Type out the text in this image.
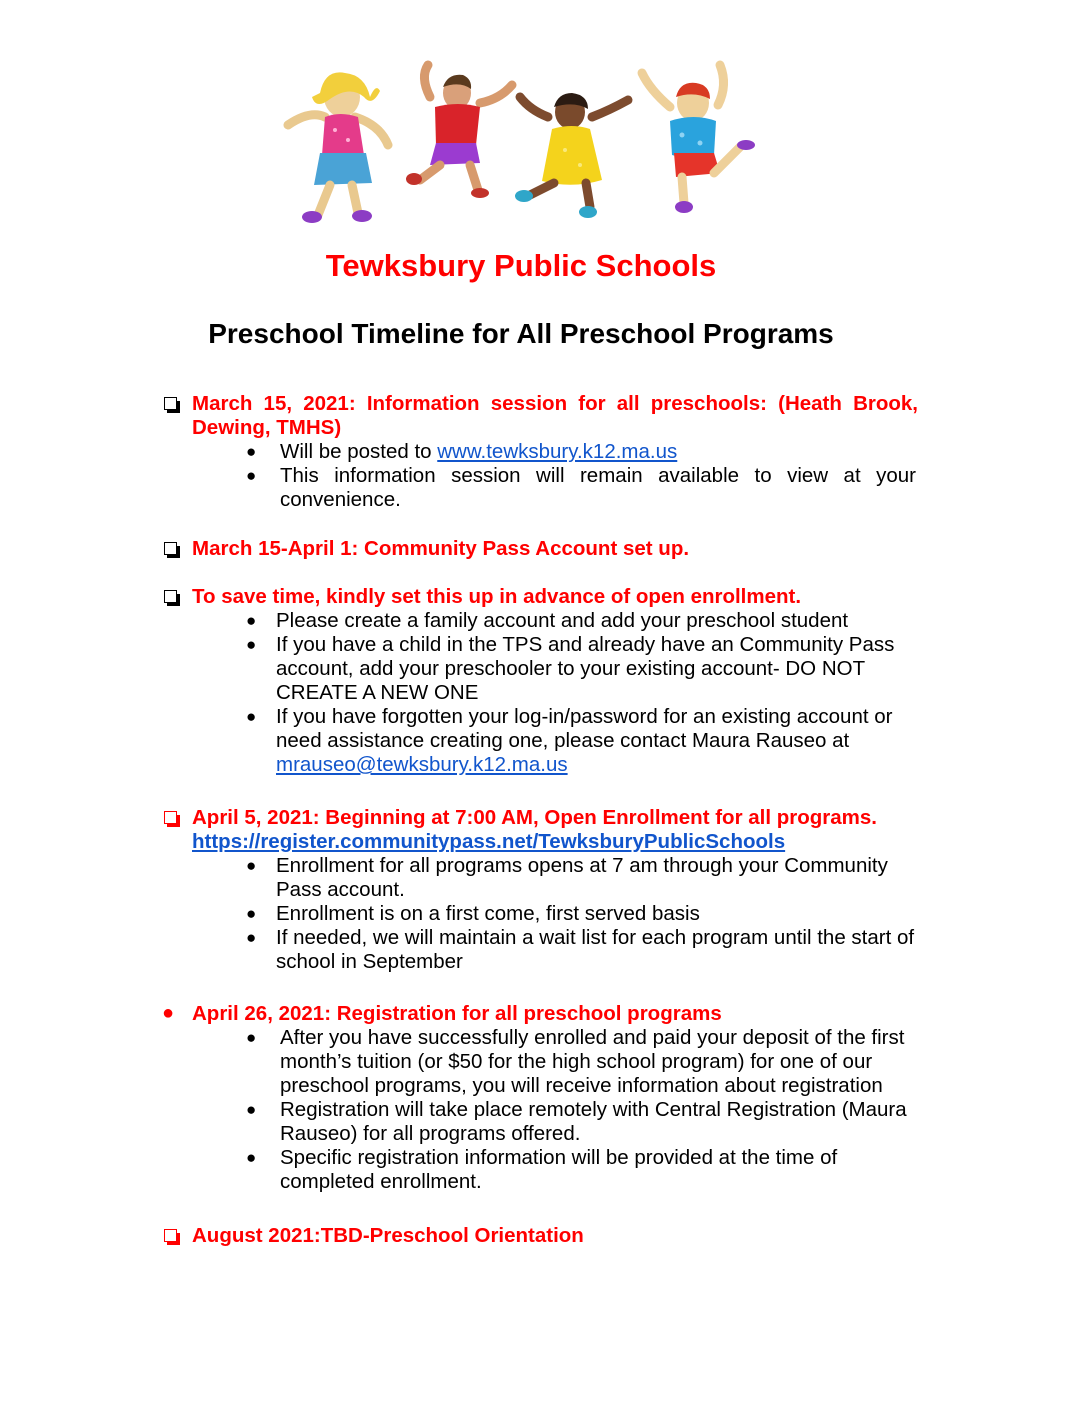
Tewksbury Public Schools
Preschool Timeline for All Preschool Programs

March 15, 2021: Information session for all preschools: (Heath Brook, Dewing, TMHS)

●	Will be posted to www.tewksbury.k12.ma.us
●	This information session will remain available to view at your convenience.

March 15-April 1: Community Pass Account set up.

To save time, kindly set this up in advance of open enrollment.

● Please create a family account and add your preschool student
● If you have a child in the TPS and already have an Community Pass account, add your preschooler to your existing account- DO NOT CREATE A NEW ONE
● If you have forgotten your log-in/password for an existing account or need assistance creating one, please contact Maura Rauseo at
mrauseo@tewksbury.k12.ma.us

April 5, 2021: Beginning at 7:00 AM, Open Enrollment for all programs.

https://register.communitypass.net/TewksburyPublicSchools

● Enrollment for all programs opens at 7 am through your Community Pass account.
● Enrollment is on a first come, first served basis
● If needed, we will maintain a wait list for each program until the start of school in September
● April 26, 2021: Registration for all preschool programs

●	After you have successfully enrolled and paid your deposit of the first month’s tuition (or $50 for the high school program) for one of our preschool programs, you will receive information about registration
●	Registration will take place remotely with Central Registration (Maura Rauseo) for all programs offered.
●	Specific registration information will be provided at the time of completed enrollment.

August 2021:TBD-Preschool Orientation
